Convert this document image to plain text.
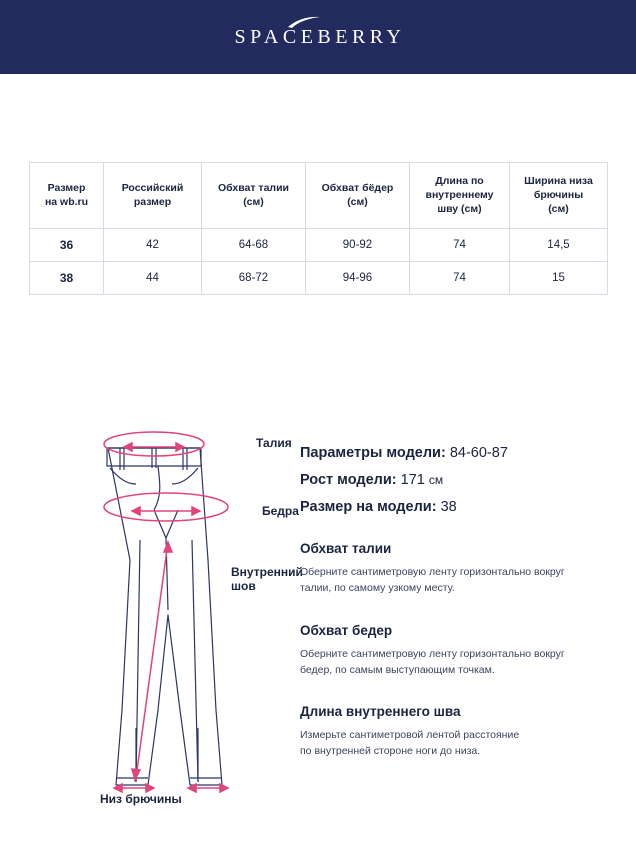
SPACEBERRY
Размер
на wb.ru

Российский
размер

Обхват талии
(см)

Обхват бёдер
(см)

Длина по
внутреннему
шву (см)

Ширина низа
брючины
(см)

36	42	64-68	90-92	74	14,5
38	44	68-72	94-96	74	15
Талия
Бедра
Внутренний
шов
Низ брючины
Параметры модели: 84-60-87
Рост модели: 171 см
Размер на модели: 38
Обхват талии

Оберните сантиметровую ленту горизонтально вокруг
талии, по самому узкому месту.

Обхват бедер

Оберните сантиметровую ленту горизонтально вокруг
бедер, по самым выступающим точкам.

Длина внутреннего шва

Измерьте сантиметровой лентой расстояние
по внутренней стороне ноги до низа.
